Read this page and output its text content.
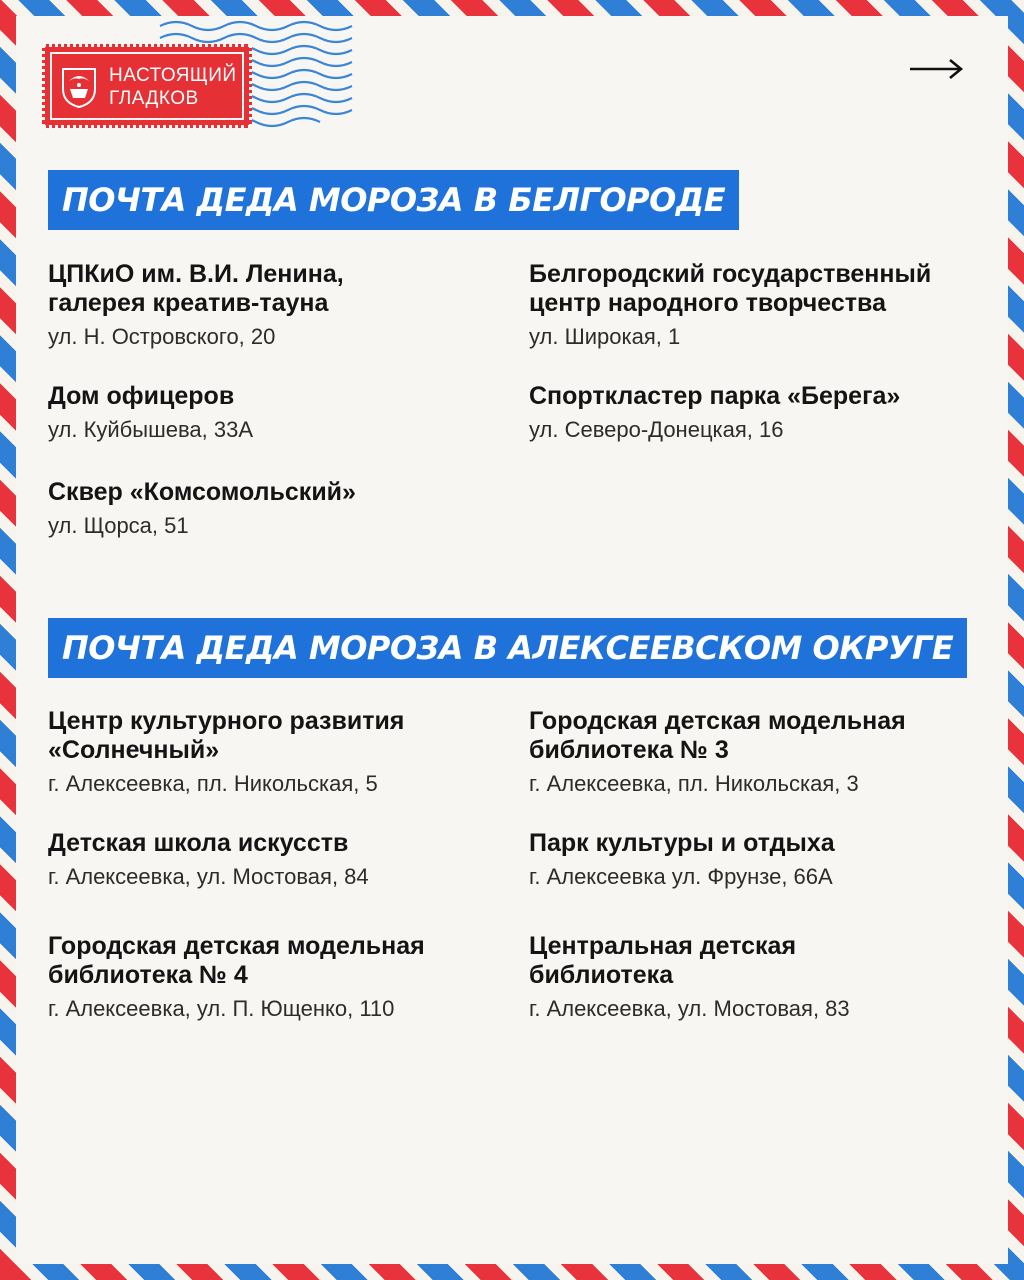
НАСТОЯЩИЙ
ГЛАДКОВ
ПОЧТА ДЕДА МОРОЗА В БЕЛГОРОДЕ
ЦПКиО им. В.И. Ленина,
галерея креатив-тауна
ул. Н. Островского, 20
Белгородский государственный
центр народного творчества
ул. Широкая, 1
Дом офицеров
ул. Куйбышева, 33А
Спорткластер парка «Берега»
ул. Северо-Донецкая, 16
Сквер «Комсомольский»
ул. Щорса, 51
ПОЧТА ДЕДА МОРОЗА В АЛЕКСЕЕВСКОМ ОКРУГЕ
Центр культурного развития
«Солнечный»
г. Алексеевка, пл. Никольская, 5
Городская детская модельная
библиотека № 3
г. Алексеевка, пл. Никольская, 3
Детская школа искусств
г. Алексеевка, ул. Мостовая, 84
Парк культуры и отдыха
г. Алексеевка ул. Фрунзе, 66А
Городская детская модельная
библиотека № 4
г. Алексеевка, ул. П. Ющенко, 110
Центральная детская
библиотека
г. Алексеевка, ул. Мостовая, 83
